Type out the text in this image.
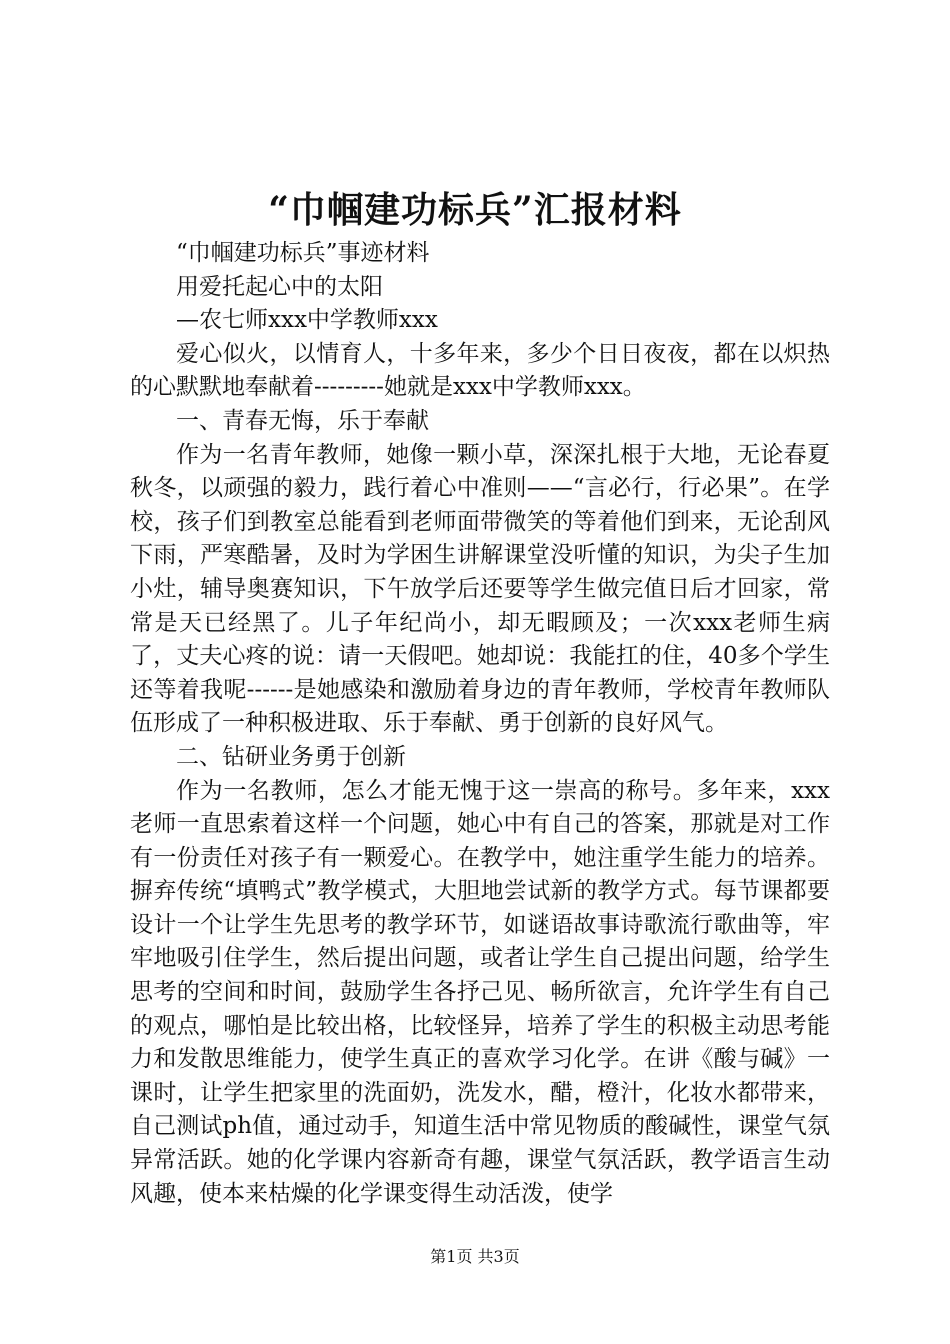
“巾帼建功标兵”汇报材料

“巾帼建功标兵”事迹材料

用爱托起心中的太阳

—农七师xxx中学教师xxx

爱心似火，以情育人，十多年来，多少个日日夜夜，都在以炽热的心默默地奉献着---------她就是xxx中学教师xxx。

一、青春无悔，乐于奉献

作为一名青年教师，她像一颗小草，深深扎根于大地，无论春夏秋冬，以顽强的毅力，践行着心中准则——“言必行，行必果”。在学校，孩子们到教室总能看到老师面带微笑的等着他们到来，无论刮风下雨，严寒酷暑，及时为学困生讲解课堂没听懂的知识，为尖子生加小灶，辅导奥赛知识，下午放学后还要等学生做完值日后才回家，常常是天已经黑了。儿子年纪尚小，却无暇顾及；一次xxx老师生病了，丈夫心疼的说：请一天假吧。她却说：我能扛的住，40多个学生还等着我呢------是她感染和激励着身边的青年教师，学校青年教师队伍形成了一种积极进取、乐于奉献、勇于创新的良好风气。

二、钻研业务勇于创新

作为一名教师，怎么才能无愧于这一崇高的称号。多年来，xxx老师一直思索着这样一个问题，她心中有自己的答案，那就是对工作有一份责任对孩子有一颗爱心。在教学中，她注重学生能力的培养。摒弃传统“填鸭式”教学模式，大胆地尝试新的教学方式。每节课都要设计一个让学生先思考的教学环节，如谜语故事诗歌流行歌曲等，牢牢地吸引住学生，然后提出问题，或者让学生自己提出问题，给学生思考的空间和时间，鼓励学生各抒己见、畅所欲言，允许学生有自己的观点，哪怕是比较出格，比较怪异，培养了学生的积极主动思考能力和发散思维能力，使学生真正的喜欢学习化学。在讲《酸与碱》一课时，让学生把家里的洗面奶，洗发水，醋，橙汁，化妆水都带来，自己测试ph值，通过动手，知道生活中常见物质的酸碱性，课堂气氛异常活跃。她的化学课内容新奇有趣，课堂气氛活跃，教学语言生动风趣，使本来枯燥的化学课变得生动活泼，使学

第1页 共3页
